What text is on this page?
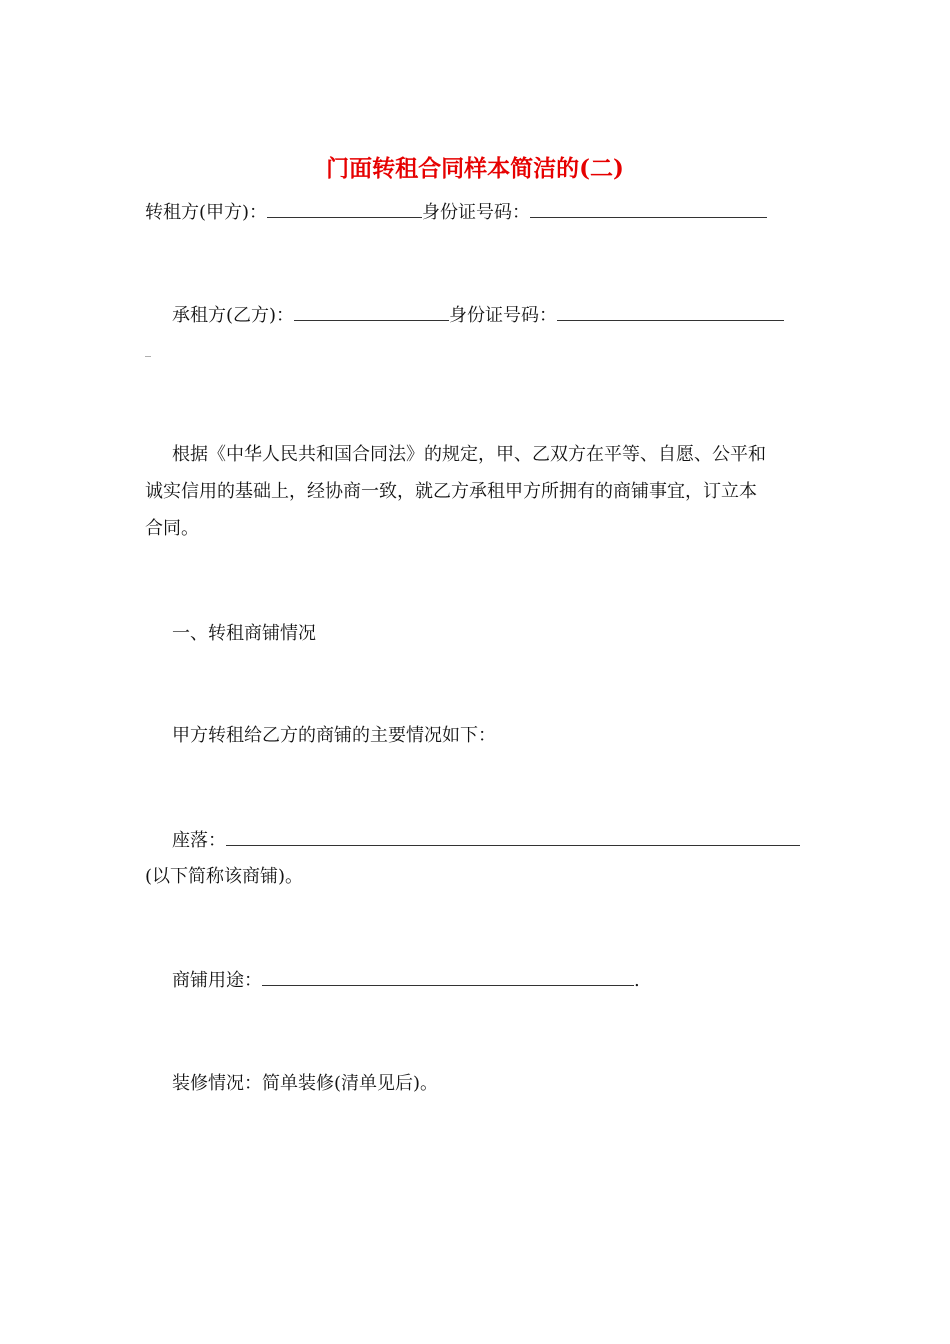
门面转租合同样本简洁的(二)
转租方(甲方)：	身份证号码：
承租方(乙方)：	身份证号码：
_
根据《中华人民共和国合同法》的规定，甲、乙双方在平等、自愿、公平和
诚实信用的基础上，经协商一致，就乙方承租甲方所拥有的商铺事宜，订立本
合同。
一、转租商铺情况
甲方转租给乙方的商铺的主要情况如下：
座落：
(以下简称该商铺)。
商铺用途：	.
装修情况：简单装修(清单见后)。
